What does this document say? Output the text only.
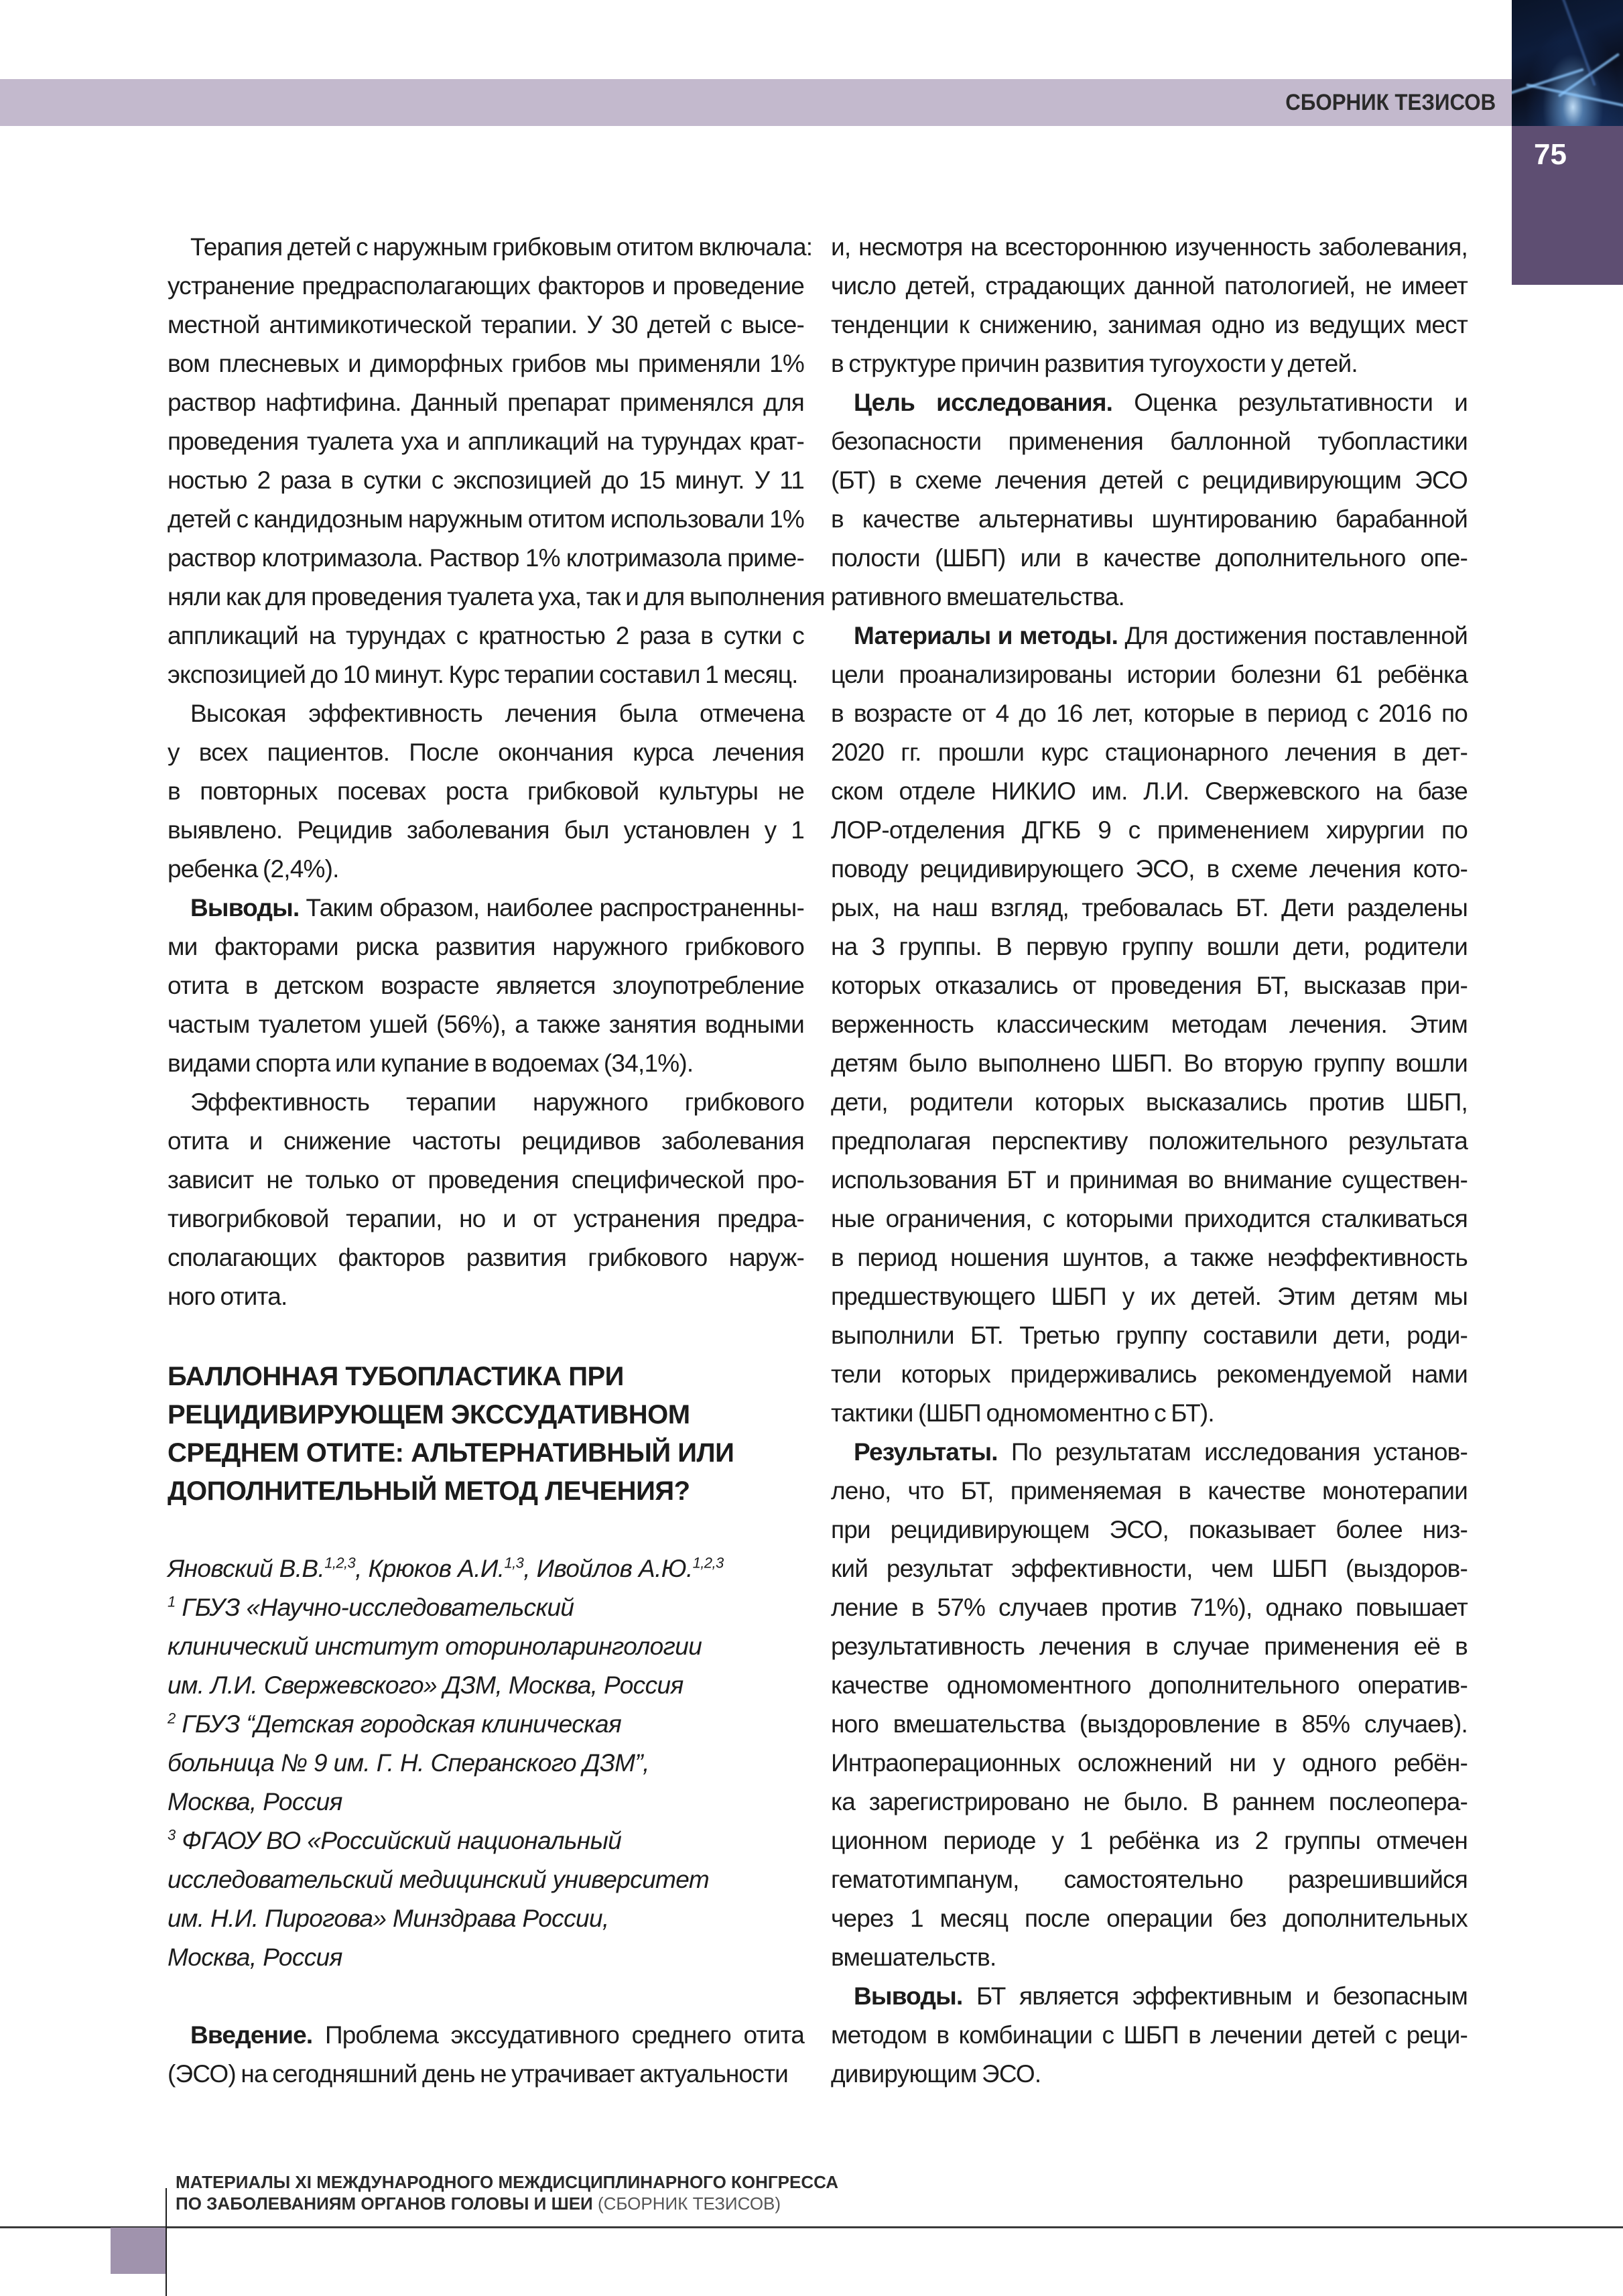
СБОРНИК ТЕЗИСОВ
75
Терапия детей с наружным грибковым отитом включала:
устранение предрасполагающих факторов и проведение
местной антимикотической терапии. У 30 детей с высе-
вом плесневых и диморфных грибов мы применяли 1%
раствор нафтифина. Данный препарат применялся для
проведения туалета уха и аппликаций на турундах крат-
ностью 2 раза в сутки с экспозицией до 15 минут. У 11
детей с кандидозным наружным отитом использовали 1%
раствор клотримазола. Раствор 1% клотримазола приме-
няли как для проведения туалета уха, так и для выполнения
аппликаций на турундах с кратностью 2 раза в сутки с
экспозицией до 10 минут. Курс терапии составил 1 месяц.
Высокая эффективность лечения была отмечена
у всех пациентов. После окончания курса лечения
в повторных посевах роста грибковой культуры не
выявлено. Рецидив заболевания был установлен у 1
ребенка (2,4%).
Выводы. Таким образом, наиболее распространенны-
ми факторами риска развития наружного грибкового
отита в детском возрасте является злоупотребление
частым туалетом ушей (56%), а также занятия водными
видами спорта или купание в водоемах (34,1%).
Эффективность терапии наружного грибкового
отита и снижение частоты рецидивов заболевания
зависит не только от проведения специфической про-
тивогрибковой терапии, но и от устранения предра-
сполагающих факторов развития грибкового наруж-
ного отита.
БАЛЛОННАЯ ТУБОПЛАСТИКА ПРИ
РЕЦИДИВИРУЮЩЕМ ЭКССУДАТИВНОМ
СРЕДНЕМ ОТИТЕ: АЛЬТЕРНАТИВНЫЙ ИЛИ
ДОПОЛНИТЕЛЬНЫЙ МЕТОД ЛЕЧЕНИЯ?
Яновский В.В.$^{1,2,3}$, Крюков А.И.$^{1,3}$, Ивойлов А.Ю.$^{1,2,3}$
$^1$ ГБУЗ «Научно-исследовательский
клинический институт оториноларингологии
им. Л.И. Свержевского» ДЗМ, Москва, Россия
$^2$ ГБУЗ “Детская городская клиническая
больница № 9 им. Г. Н. Сперанского ДЗМ”,
Москва, Россия
$^3$ ФГАОУ ВО «Российский национальный
исследовательский медицинский университет
им. Н.И. Пирогова» Минздрава России,
Москва, Россия
Введение. Проблема экссудативного среднего отита
(ЭСО) на сегодняшний день не утрачивает актуальности
и, несмотря на всестороннюю изученность заболевания,
число детей, страдающих данной патологией, не имеет
тенденции к снижению, занимая одно из ведущих мест
в структуре причин развития тугоухости у детей.
Цель исследования. Оценка результативности и
безопасности применения баллонной тубопластики
(БТ) в схеме лечения детей с рецидивирующим ЭСО
в качестве альтернативы шунтированию барабанной
полости (ШБП) или в качестве дополнительного опе-
ративного вмешательства.
Материалы и методы. Для достижения поставленной
цели проанализированы истории болезни 61 ребёнка
в возрасте от 4 до 16 лет, которые в период с 2016 по
2020 гг. прошли курс стационарного лечения в дет-
ском отделе НИКИО им. Л.И. Свержевского на базе
ЛОР-отделения ДГКБ 9 с применением хирургии по
поводу рецидивирующего ЭСО, в схеме лечения кото-
рых, на наш взгляд, требовалась БТ. Дети разделены
на 3 группы. В первую группу вошли дети, родители
которых отказались от проведения БТ, высказав при-
верженность классическим методам лечения. Этим
детям было выполнено ШБП. Во вторую группу вошли
дети, родители которых высказались против ШБП,
предполагая перспективу положительного результата
использования БТ и принимая во внимание существен-
ные ограничения, с которыми приходится сталкиваться
в период ношения шунтов, а также неэффективность
предшествующего ШБП у их детей. Этим детям мы
выполнили БТ. Третью группу составили дети, роди-
тели которых придерживались рекомендуемой нами
тактики (ШБП одномоментно с БТ).
Результаты. По результатам исследования установ-
лено, что БТ, применяемая в качестве монотерапии
при рецидивирующем ЭСО, показывает более низ-
кий результат эффективности, чем ШБП (выздоров-
ление в 57% случаев против 71%), однако повышает
результативность лечения в случае применения её в
качестве одномоментного дополнительного оператив-
ного вмешательства (выздоровление в 85% случаев).
Интраоперационных осложнений ни у одного ребён-
ка зарегистрировано не было. В раннем послеопера-
ционном периоде у 1 ребёнка из 2 группы отмечен
гематотимпанум, самостоятельно разрешившийся
через 1 месяц после операции без дополнительных
вмешательств.
Выводы. БТ является эффективным и безопасным
методом в комбинации с ШБП в лечении детей с реци-
дивирующим ЭСО.
МАТЕРИАЛЫ XI МЕЖДУНАРОДНОГО МЕЖДИСЦИПЛИНАРНОГО КОНГРЕССА
ПО ЗАБОЛЕВАНИЯМ ОРГАНОВ ГОЛОВЫ И ШЕИ (СБОРНИК ТЕЗИСОВ)
